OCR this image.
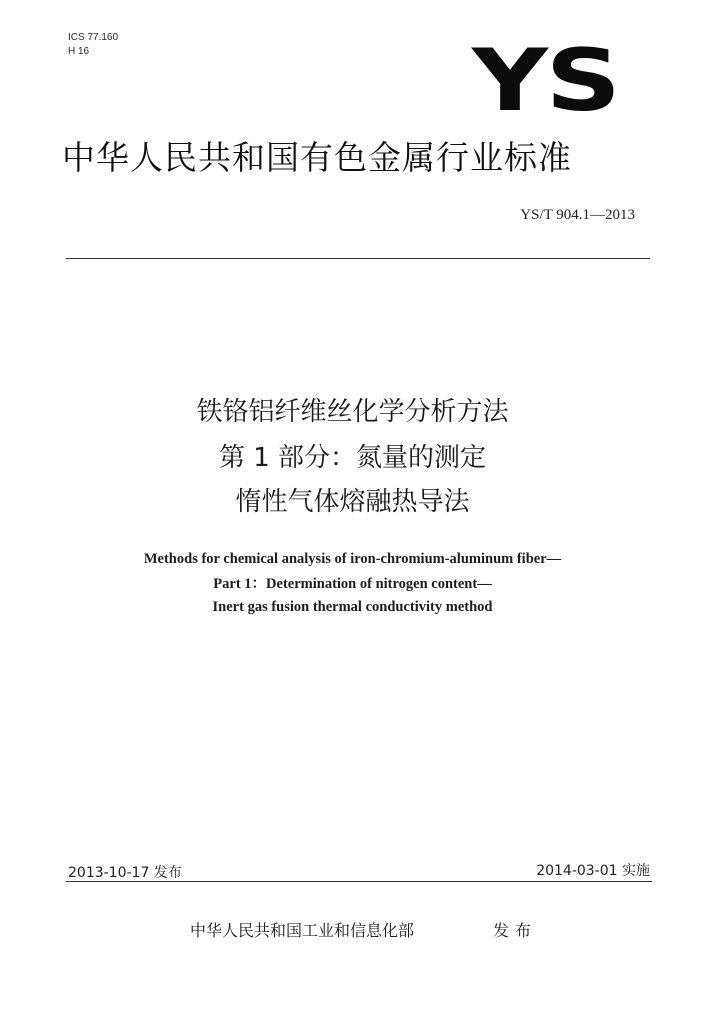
ICS 77.160
H 16	YS
中华人民共和国有色金属行业标准
YS/T 904.1—2013
铁铬铝纤维丝化学分析方法
第 1 部分：氮量的测定
惰性气体熔融热导法
Methods for chemical analysis of iron-chromium-aluminum fiber—
Part 1：Determination of nitrogen content—
Inert gas fusion thermal conductivity method
2013-10-17 发布	2014-03-01 实施
中华人民共和国工业和信息化部	发布
